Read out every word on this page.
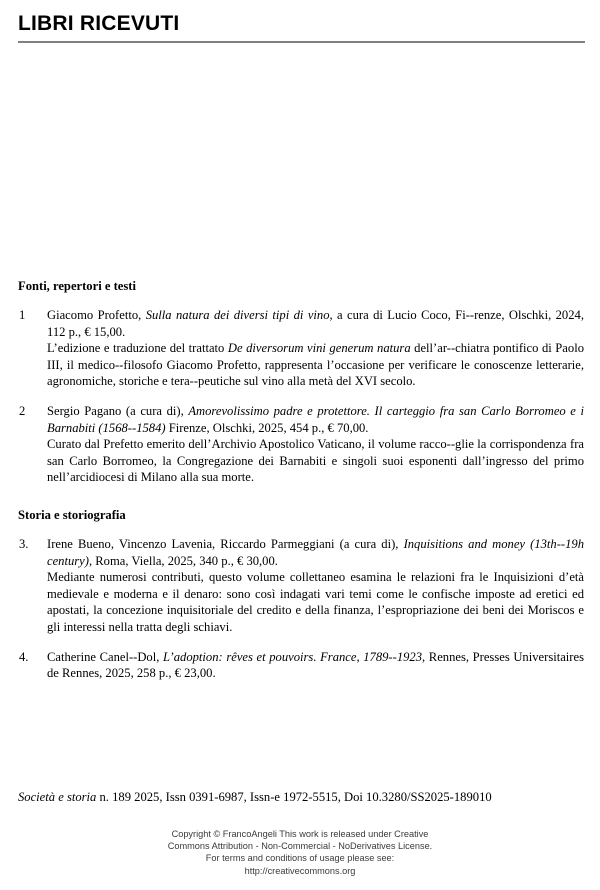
LIBRI RICEVUTI
Fonti, repertori e testi
1	Giacomo Profetto, Sulla natura dei diversi tipi di vino, a cura di Lucio Coco, Fi--renze, Olschki, 2024, 112 p., € 15,00.

L’edizione e traduzione del trattato De diversorum vini generum natura dell’ar--chiatra pontifico di Paolo III, il medico--filosofo Giacomo Profetto, rappresenta l’occasione per verificare le conoscenze letterarie, agronomiche, storiche e tera--peutiche sul vino alla metà del XVI secolo.

2	Sergio Pagano (a cura di), Amorevolissimo padre e protettore. Il carteggio fra san Carlo Borromeo e i Barnabiti (1568--1584) Firenze, Olschki, 2025, 454 p., € 70,00.

Curato dal Prefetto emerito dell’Archivio Apostolico Vaticano, il volume racco--glie la corrispondenza fra san Carlo Borromeo, la Congregazione dei Barnabiti e singoli suoi esponenti dall’ingresso del primo nell’arcidiocesi di Milano alla sua morte.

Storia e storiografia
3.	Irene Bueno, Vincenzo Lavenia, Riccardo Parmeggiani (a cura di), Inquisitions and money (13th--19h century), Roma, Viella, 2025, 340 p., € 30,00.

Mediante numerosi contributi, questo volume collettaneo esamina le relazioni fra le Inquisizioni d’età medievale e moderna e il denaro: sono così indagati vari temi come le confische imposte ad eretici ed apostati, la concezione inquisitoriale del credito e della finanza, l’espropriazione dei beni dei Moriscos e gli interessi nella tratta degli schiavi.

4.	Catherine Canel--Dol, L’adoption: rêves et pouvoirs. France, 1789--1923, Rennes, Presses Universitaires de Rennes, 2025, 258 p., € 23,00.

Società e storia n. 189 2025, Issn 0391-6987, Issn-e 1972-5515, Doi 10.3280/SS2025-189010
Copyright © FrancoAngeli This work is released under Creative
Commons Attribution - Non-Commercial - NoDerivatives License.
For terms and conditions of usage please see:
http://creativecommons.org
